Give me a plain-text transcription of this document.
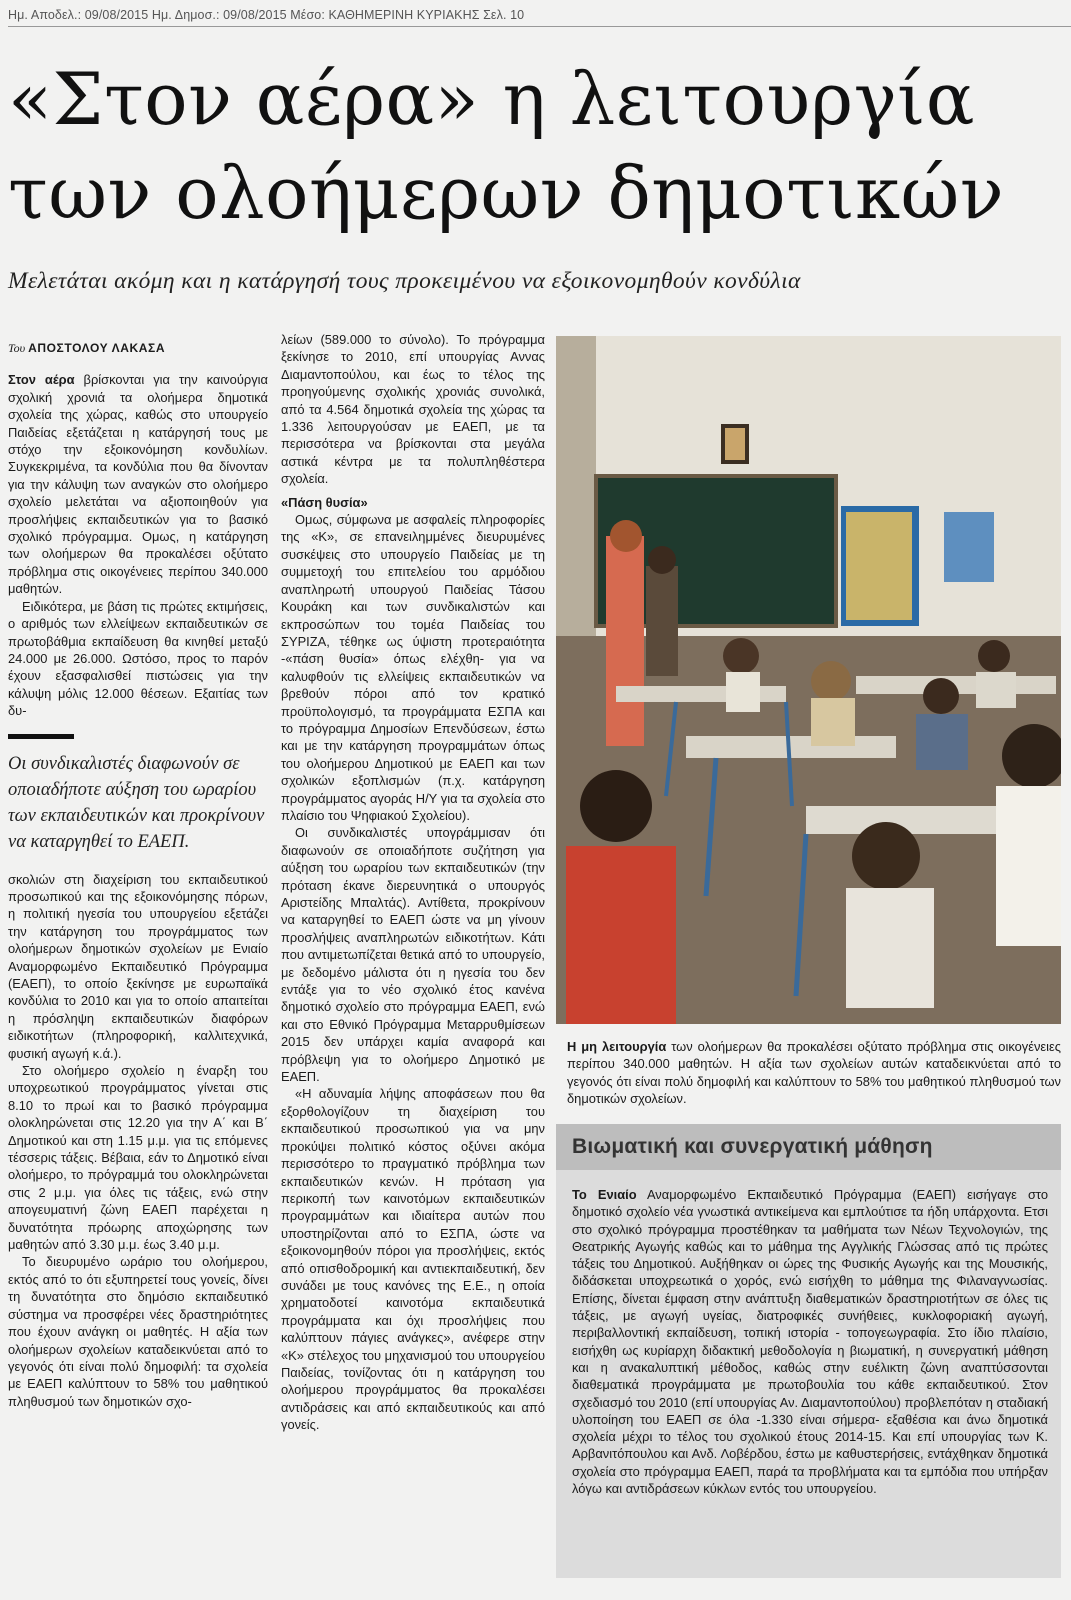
Ημ. Αποδελ.: 09/08/2015 Ημ. Δημοσ.: 09/08/2015 Μέσο: ΚΑΘΗΜΕΡΙΝΗ ΚΥΡΙΑΚΗΣ Σελ. 10
«Στον αέρα» η λειτουργία
των ολοήμερων δημοτικών
Μελετάται ακόμη και η κατάργησή τους προκειμένου να εξοικονομηθούν κονδύλια
Του ΑΠΟΣΤΟΛΟΥ ΛΑΚΑΣΑ

Στον αέρα βρίσκονται για την καινούργια σχολική χρονιά τα ολοήμερα δημοτικά σχολεία της χώρας, καθώς στο υπουργείο Παιδείας εξετάζεται η κατάργησή τους με στόχο την εξοικονόμηση κονδυλίων. Συγκεκριμένα, τα κονδύλια που θα δίνονταν για την κάλυψη των αναγκών στο ολοήμερο σχολείο μελετάται να αξιοποιηθούν για προσλήψεις εκπαιδευτικών για το βασικό σχολικό πρόγραμμα. Ομως, η κατάργηση των ολοήμερων θα προκαλέσει οξύτατο πρόβλημα στις οικογένειες περίπου 340.000 μαθητών.

Ειδικότερα, με βάση τις πρώτες εκτιμήσεις, ο αριθμός των ελλείψεων εκπαιδευτικών σε πρωτοβάθμια εκπαίδευση θα κινηθεί μεταξύ 24.000 με 26.000. Ωστόσο, προς το παρόν έχουν εξασφαλισθεί πιστώσεις για την κάλυψη μόλις 12.000 θέσεων. Εξαιτίας των δυ-

Οι συνδικαλιστές διαφωνούν σε οποιαδήποτε αύξηση του ωραρίου των εκπαιδευτικών και προκρίνουν να καταργηθεί το ΕΑΕΠ.

σκολιών στη διαχείριση του εκπαιδευτικού προσωπικού και της εξοικονόμησης πόρων, η πολιτική ηγεσία του υπουργείου εξετάζει την κατάργηση του προγράμματος των ολοήμερων δημοτικών σχολείων με Ενιαίο Αναμορφωμένο Εκπαιδευτικό Πρόγραμμα (ΕΑΕΠ), το οποίο ξεκίνησε με ευρωπαϊκά κονδύλια το 2010 και για το οποίο απαιτείται η πρόσληψη εκπαιδευτικών διαφόρων ειδικοτήτων (πληροφορική, καλλιτεχνικά, φυσική αγωγή κ.ά.).

Στο ολοήμερο σχολείο η έναρξη του υποχρεωτικού προγράμματος γίνεται στις 8.10 το πρωί και το βασικό πρόγραμμα ολοκληρώνεται στις 12.20 για την Α΄ και Β΄ Δημοτικού και στη 1.15 μ.μ. για τις επόμενες τέσσερις τάξεις. Βέβαια, εάν το Δημοτικό είναι ολοήμερο, το πρόγραμμά του ολοκληρώνεται στις 2 μ.μ. για όλες τις τάξεις, ενώ στην απογευματινή ζώνη ΕΑΕΠ παρέχεται η δυνατότητα πρόωρης αποχώρησης των μαθητών από 3.30 μ.μ. έως 3.40 μ.μ.

Το διευρυμένο ωράριο του ολοήμερου, εκτός από το ότι εξυπηρετεί τους γονείς, δίνει τη δυνατότητα στο δημόσιο εκπαιδευτικό σύστημα να προσφέρει νέες δραστηριότητες που έχουν ανάγκη οι μαθητές. Η αξία των ολοήμερων σχολείων καταδεικνύεται από το γεγονός ότι είναι πολύ δημοφιλή: τα σχολεία με ΕΑΕΠ καλύπτουν το 58% του μαθητικού πληθυσμού των δημοτικών σχο-

λείων (589.000 το σύνολο). Το πρόγραμμα ξεκίνησε το 2010, επί υπουργίας Αννας Διαμαντοπούλου, και έως το τέλος της προηγούμενης σχολικής χρονιάς συνολικά, από τα 4.564 δημοτικά σχολεία της χώρας τα 1.336 λειτουργούσαν με ΕΑΕΠ, με τα περισσότερα να βρίσκονται στα μεγάλα αστικά κέντρα με τα πολυπληθέστερα σχολεία.

«Πάση θυσία»

Ομως, σύμφωνα με ασφαλείς πληροφορίες της «Κ», σε επανειλημμένες διευρυμένες συσκέψεις στο υπουργείο Παιδείας με τη συμμετοχή του επιτελείου του αρμόδιου αναπληρωτή υπουργού Παιδείας Τάσου Κουράκη και των συνδικαλιστών και εκπροσώπων του τομέα Παιδείας του ΣΥΡΙΖΑ, τέθηκε ως ύψιστη προτεραιότητα -«πάση θυσία» όπως ελέχθη- για να καλυφθούν τις ελλείψεις εκπαιδευτικών να βρεθούν πόροι από τον κρατικό προϋπολογισμό, τα προγράμματα ΕΣΠΑ και το πρόγραμμα Δημοσίων Επενδύσεων, έστω και με την κατάργηση προγραμμάτων όπως του ολοήμερου Δημοτικού με ΕΑΕΠ και των σχολικών εξοπλισμών (π.χ. κατάργηση προγράμματος αγοράς Η/Υ για τα σχολεία στο πλαίσιο του Ψηφιακού Σχολείου).

Οι συνδικαλιστές υπογράμμισαν ότι διαφωνούν σε οποιαδήποτε συζήτηση για αύξηση του ωραρίου των εκπαιδευτικών (την πρόταση έκανε διερευνητικά ο υπουργός Αριστείδης Μπαλτάς). Αντίθετα, προκρίνουν να καταργηθεί το ΕΑΕΠ ώστε να μη γίνουν προσλήψεις αναπληρωτών ειδικοτήτων. Κάτι που αντιμετωπίζεται θετικά από το υπουργείο, με δεδομένο μάλιστα ότι η ηγεσία του δεν εντάξε για το νέο σχολικό έτος κανένα δημοτικό σχολείο στο πρόγραμμα ΕΑΕΠ, ενώ και στο Εθνικό Πρόγραμμα Μεταρρυθμίσεων 2015 δεν υπάρχει καμία αναφορά και πρόβλεψη για το ολοήμερο Δημοτικό με ΕΑΕΠ.

«Η αδυναμία λήψης αποφάσεων που θα εξορθολογίζουν τη διαχείριση του εκπαιδευτικού προσωπικού για να μην προκύψει πολιτικό κόστος οξύνει ακόμα περισσότερο το πραγματικό πρόβλημα των εκπαιδευτικών κενών. Η πρόταση για περικοπή των καινοτόμων εκπαιδευτικών προγραμμάτων και ιδιαίτερα αυτών που υποστηρίζονται από το ΕΣΠΑ, ώστε να εξοικονομηθούν πόροι για προσλήψεις, εκτός από οπισθοδρομική και αντιεκπαιδευτική, δεν συνάδει με τους κανόνες της Ε.Ε., η οποία χρηματοδοτεί καινοτόμα εκπαιδευτικά προγράμματα και όχι προσλήψεις που καλύπτουν πάγιες ανάγκες», ανέφερε στην «Κ» στέλεχος του μηχανισμού του υπουργείου Παιδείας, τονίζοντας ότι η κατάργηση του ολοήμερου προγράμματος θα προκαλέσει αντιδράσεις και από εκπαιδευτικούς και από γονείς.

Η μη λειτουργία των ολοήμερων θα προκαλέσει οξύτατο πρόβλημα στις οικογένειες περίπου 340.000 μαθητών. Η αξία των σχολείων αυτών καταδεικνύεται από το γεγονός ότι είναι πολύ δημοφιλή και καλύπτουν το 58% του μαθητικού πληθυσμού των δημοτικών σχολείων.
Βιωματική και συνεργατική μάθηση
Το Ενιαίο Αναμορφωμένο Εκπαιδευτικό Πρόγραμμα (ΕΑΕΠ) εισήγαγε στο δημοτικό σχολείο νέα γνωστικά αντικείμενα και εμπλούτισε τα ήδη υπάρχοντα. Ετσι στο σχολικό πρόγραμμα προστέθηκαν τα μαθήματα των Νέων Τεχνολογιών, της Θεατρικής Αγωγής καθώς και το μάθημα της Αγγλικής Γλώσσας από τις πρώτες τάξεις του Δημοτικού. Αυξήθηκαν οι ώρες της Φυσικής Αγωγής και της Μουσικής, διδάσκεται υποχρεωτικά ο χορός, ενώ εισήχθη το μάθημα της Φιλαναγνωσίας. Επίσης, δίνεται έμφαση στην ανάπτυξη διαθεματικών δραστηριοτήτων σε όλες τις τάξεις, με αγωγή υγείας, διατροφικές συνήθειες, κυκλοφοριακή αγωγή, περιβαλλοντική εκπαίδευση, τοπική ιστορία - τοπογεωγραφία. Στο ίδιο πλαίσιο, εισήχθη ως κυρίαρχη διδακτική μεθοδολογία η βιωματική, η συνεργατική μάθηση και η ανακαλυπτική μέθοδος, καθώς στην ευέλικτη ζώνη αναπτύσσονται διαθεματικά προγράμματα με πρωτοβουλία του κάθε εκπαιδευτικού. Στον σχεδιασμό του 2010 (επί υπουργίας Αν. Διαμαντοπούλου) προβλεπόταν η σταδιακή υλοποίηση του ΕΑΕΠ σε όλα -1.330 είναι σήμερα- εξαθέσια και άνω δημοτικά σχολεία μέχρι το τέλος του σχολικού έτους 2014-15. Και επί υπουργίας των Κ. Αρβανιτόπουλου και Ανδ. Λοβέρδου, έστω με καθυστερήσεις, εντάχθηκαν δημοτικά σχολεία στο πρόγραμμα ΕΑΕΠ, παρά τα προβλήματα και τα εμπόδια που υπήρξαν λόγω και αντιδράσεων κύκλων εντός του υπουργείου.
